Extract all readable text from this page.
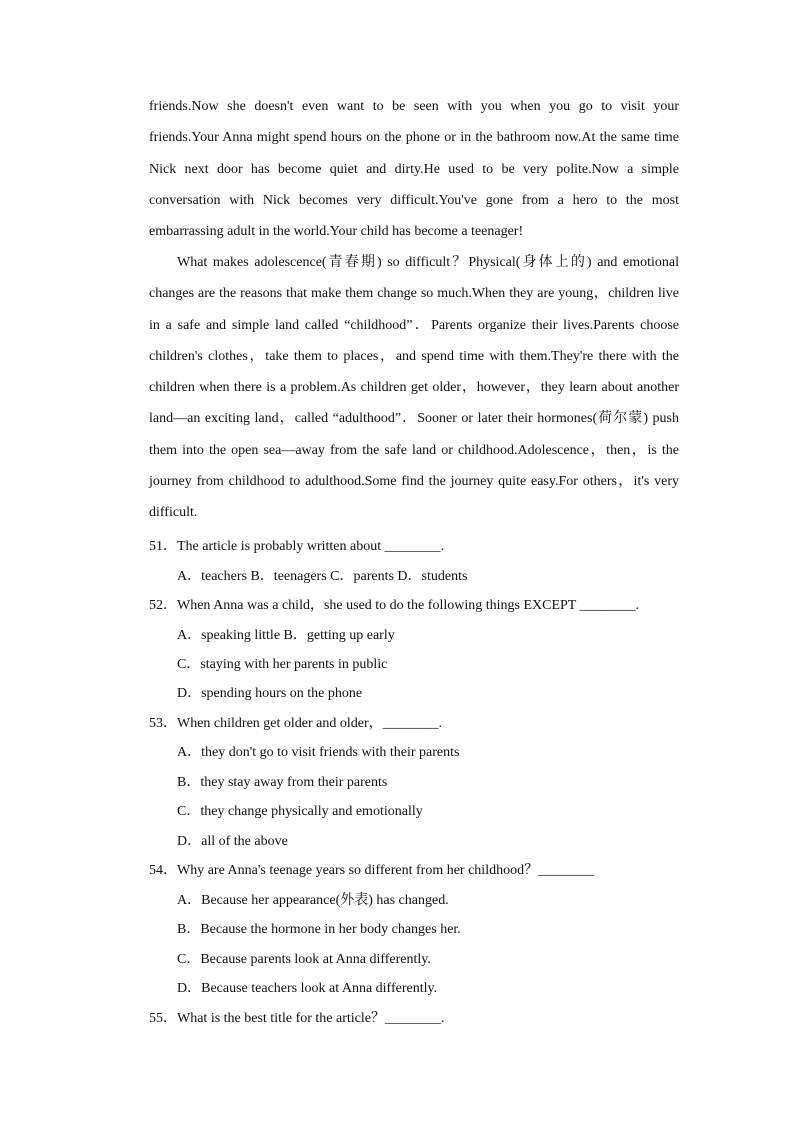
friends.Now she doesn't even want to be seen with you when you go to visit your
friends.Your Anna might spend hours on the phone or in the bathroom now.At the same time
Nick next door has become quiet and dirty.He used to be very polite.Now a simple
conversation with Nick becomes very difficult.You've gone from a hero to the most
embarrassing adult in the world.Your child has become a teenager!
What makes adolescence(青春期) so difficult？Physical(身体上的) and emotional
changes are the reasons that make them change so much.When they are young，children live
in a safe and simple land called “childhood”．Parents organize their lives.Parents choose
children's clothes，take them to places，and spend time with them.They're there with the
children when there is a problem.As children get older，however，they learn about another
land—an exciting land，called “adulthood”．Sooner or later their hormones(荷尔蒙) push
them into the open sea—away from the safe land or childhood.Adolescence，then，is the
journey from childhood to adulthood.Some find the journey quite easy.For others，it's very
difficult.
51．The article is probably written about ________.
A．teachers B．teenagers C．parents D．students
52．When Anna was a child，she used to do the following things EXCEPT ________.
A．speaking little B．getting up early
C．staying with her parents in public
D．spending hours on the phone
53．When children get older and older，________.
A．they don't go to visit friends with their parents
B．they stay away from their parents
C．they change physically and emotionally
D．all of the above
54．Why are Anna's teenage years so different from her childhood？________
A．Because her appearance(外表) has changed.
B．Because the hormone in her body changes her.
C．Because parents look at Anna differently.
D．Because teachers look at Anna differently.
55．What is the best title for the article？________.
